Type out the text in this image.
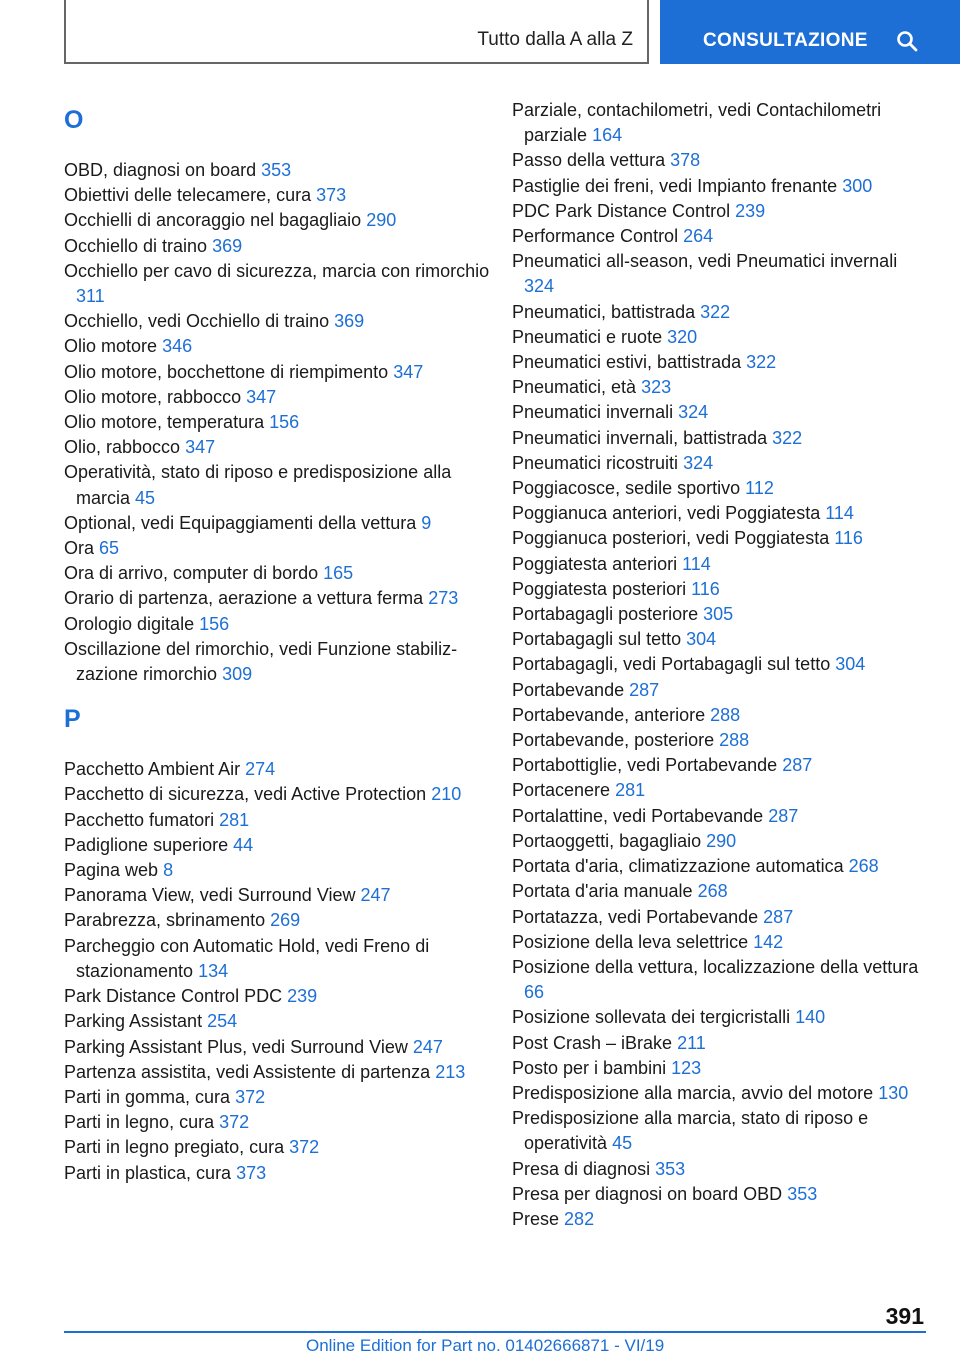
Tutto dalla A alla Z	CONSULTAZIONE
O
OBD, diagnosi on board 353
Obiettivi delle telecamere, cura 373
Occhielli di ancoraggio nel bagagliaio 290
Occhiello di traino 369
Occhiello per cavo di sicurezza, marcia con rimorchio 311
Occhiello, vedi Occhiello di traino 369
Olio motore 346
Olio motore, bocchettone di riempimento 347
Olio motore, rabbocco 347
Olio motore, temperatura 156
Olio, rabbocco 347
Operatività, stato di riposo e predisposizione alla marcia 45
Optional, vedi Equipaggiamenti della vettura 9
Ora 65
Ora di arrivo, computer di bordo 165
Orario di partenza, aerazione a vettura ferma 273
Orologio digitale 156
Oscillazione del rimorchio, vedi Funzione stabilizzazione rimorchio 309
P
Pacchetto Ambient Air 274
Pacchetto di sicurezza, vedi Active Protection 210
Pacchetto fumatori 281
Padiglione superiore 44
Pagina web 8
Panorama View, vedi Surround View 247
Parabrezza, sbrinamento 269
Parcheggio con Automatic Hold, vedi Freno di stazionamento 134
Park Distance Control PDC 239
Parking Assistant 254
Parking Assistant Plus, vedi Surround View 247
Partenza assistita, vedi Assistente di partenza 213
Parti in gomma, cura 372
Parti in legno, cura 372
Parti in legno pregiato, cura 372
Parti in plastica, cura 373
Parziale, contachilometri, vedi Contachilometri parziale 164
Passo della vettura 378
Pastiglie dei freni, vedi Impianto frenante 300
PDC Park Distance Control 239
Performance Control 264
Pneumatici all-season, vedi Pneumatici invernali 324
Pneumatici, battistrada 322
Pneumatici e ruote 320
Pneumatici estivi, battistrada 322
Pneumatici, età 323
Pneumatici invernali 324
Pneumatici invernali, battistrada 322
Pneumatici ricostruiti 324
Poggiacosce, sedile sportivo 112
Poggianuca anteriori, vedi Poggiatesta 114
Poggianuca posteriori, vedi Poggiatesta 116
Poggiatesta anteriori 114
Poggiatesta posteriori 116
Portabagagli posteriore 305
Portabagagli sul tetto 304
Portabagagli, vedi Portabagagli sul tetto 304
Portabevande 287
Portabevande, anteriore 288
Portabevande, posteriore 288
Portabottiglie, vedi Portabevande 287
Portacenere 281
Portalattine, vedi Portabevande 287
Portaoggetti, bagagliaio 290
Portata d'aria, climatizzazione automatica 268
Portata d'aria manuale 268
Portatazza, vedi Portabevande 287
Posizione della leva selettrice 142
Posizione della vettura, localizzazione della vettura 66
Posizione sollevata dei tergicristalli 140
Post Crash – iBrake 211
Posto per i bambini 123
Predisposizione alla marcia, avvio del motore 130
Predisposizione alla marcia, stato di riposo e operatività 45
Presa di diagnosi 353
Presa per diagnosi on board OBD 353
Prese 282
391
Online Edition for Part no. 01402666871 - VI/19
